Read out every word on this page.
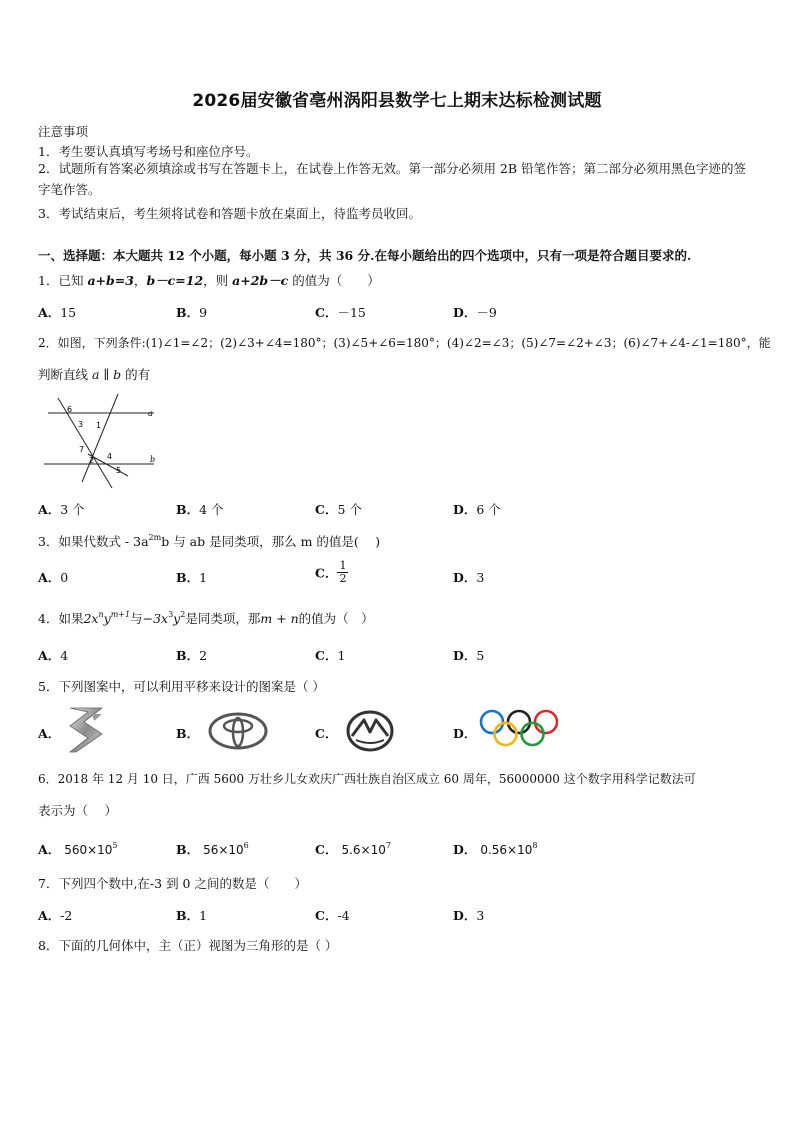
2026届安徽省亳州涡阳县数学七上期末达标检测试题
注意事项
1．考生要认真填写考场号和座位序号。
2．试题所有答案必须填涂或书写在答题卡上，在试卷上作答无效。第一部分必须用 2B 铅笔作答；第二部分必须用黑色字迹的签字笔作答。
3．考试结束后，考生须将试卷和答题卡放在桌面上，待监考员收回。
一、选择题：本大题共 12 个小题，每小题 3 分，共 36 分.在每小题给出的四个选项中，只有一项是符合题目要求的.
1．已知 a+b=3，b－c=12，则 a+2b－c 的值为（　　）
A．15	B．9	C．－15	D．－9
2．如图，下列条件:(1)∠1=∠2；(2)∠3+∠4=180°；(3)∠5+∠6=180°；(4)∠2=∠3；(5)∠7=∠2+∠3；(6)∠7+∠4-∠1=180°，能
判断直线 a ∥ b 的有
6
3 1
a
7
4
2
5
b
A．3 个	B．4 个	C．5 个	D．6 个
3．如果代数式 - $3a^{2m}b$ 与 ab 是同类项，那么 m 的值是(　 )
A．0	B．1	C． $\frac{1}{2}$	D．3
4．如果$2x^ny^{m+1}$与$-3x^3y^2$是同类项，那m + n的值为（　）
A．4	B．2	C．1	D．5
5．下列图案中，可以利用平移来设计的图案是（ ）
A．	B．	C．	D．
6．2018 年 12 月 10 日，广西 5600 万壮乡儿女欢庆广西壮族自治区成立 60 周年，56000000 这个数字用科学记数法可
表示为（　 ）
A． $560\times 10^5$	B． $56\times 10^6$	C． $5.6\times 10^7$	D． $0.56\times 10^8$
7．下列四个数中,在-3 到 0 之间的数是（　　）
A．-2	B．1	C．-4	D．3
8．下面的几何体中，主（正）视图为三角形的是（ ）
